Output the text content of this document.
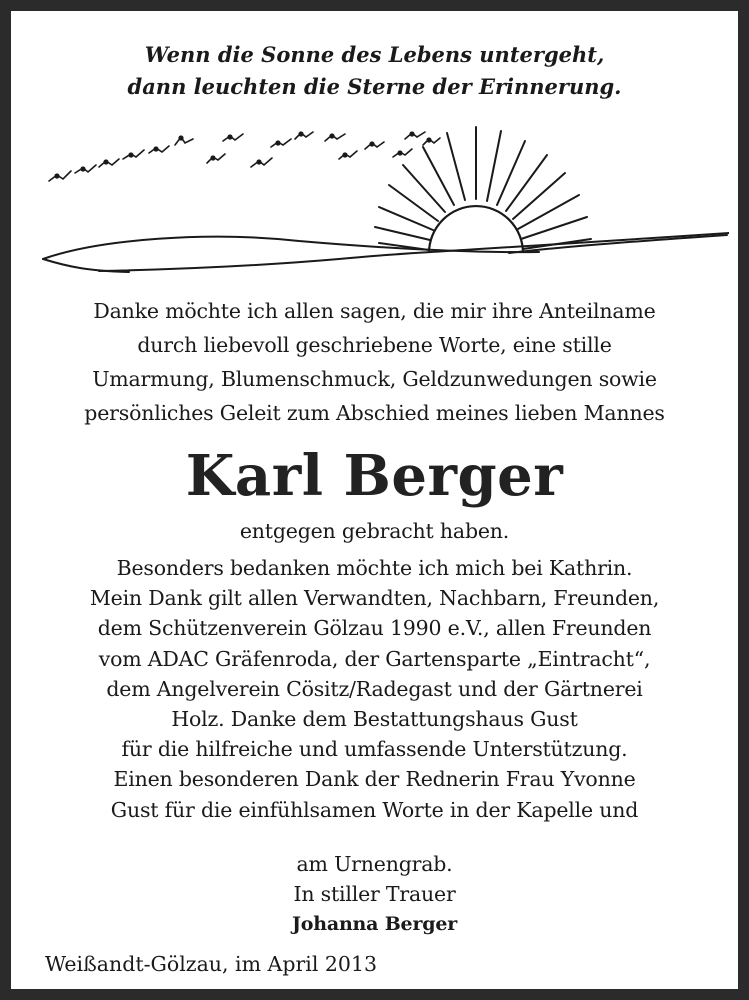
Wenn die Sonne des Lebens untergeht,
dann leuchten die Sterne der Erinnerung.
Danke möchte ich allen sagen, die mir ihre Anteilname
durch liebevoll geschriebene Worte, eine stille
Umarmung, Blumenschmuck, Geldzunwedungen sowie
persönliches Geleit zum Abschied meines lieben Mannes
Karl Berger
entgegen gebracht haben.
Besonders bedanken möchte ich mich bei Kathrin.
Mein Dank gilt allen Verwandten, Nachbarn, Freunden,
dem Schützenverein Gölzau 1990 e.V., allen Freunden
vom ADAC Gräfenroda, der Gartensparte „Eintracht“,
dem Angelverein Cösitz/Radegast und der Gärtnerei
Holz. Danke dem Bestattungshaus Gust
für die hilfreiche und umfassende Unterstützung.
Einen besonderen Dank der Rednerin Frau Yvonne
Gust für die einfühlsamen Worte in der Kapelle und
am Urnengrab.
In stiller Trauer
Johanna Berger
Weißandt-Gölzau, im April 2013
